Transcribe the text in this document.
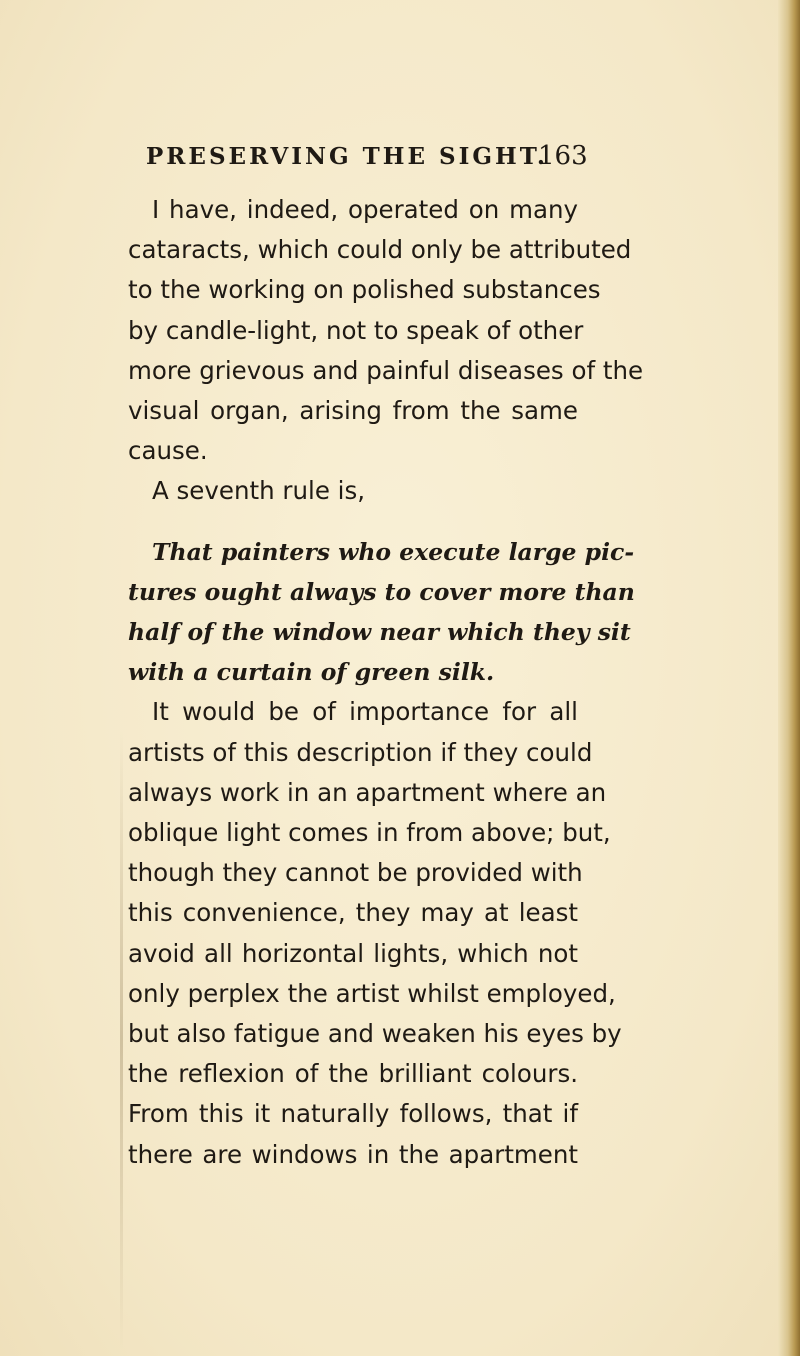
PRESERVING THE SIGHT.
163
I have, indeed, operated on many
cataracts, which could only be attributed
to the working on polished substances
by candle-light, not to speak of other
more grievous and painful diseases of the
visual organ, arising from the same
cause.
A seventh rule is,
That painters who execute large pic-
tures ought always to cover more than
half of the window near which they sit
with a curtain of green silk.
It would be of importance for all
artists of this description if they could
always work in an apartment where an
oblique light comes in from above; but,
though they cannot be provided with
this convenience, they may at least
avoid all horizontal lights, which not
only perplex the artist whilst employed,
but also fatigue and weaken his eyes by
the reflexion of the brilliant colours.
From this it naturally follows, that if
there are windows in the apartment
